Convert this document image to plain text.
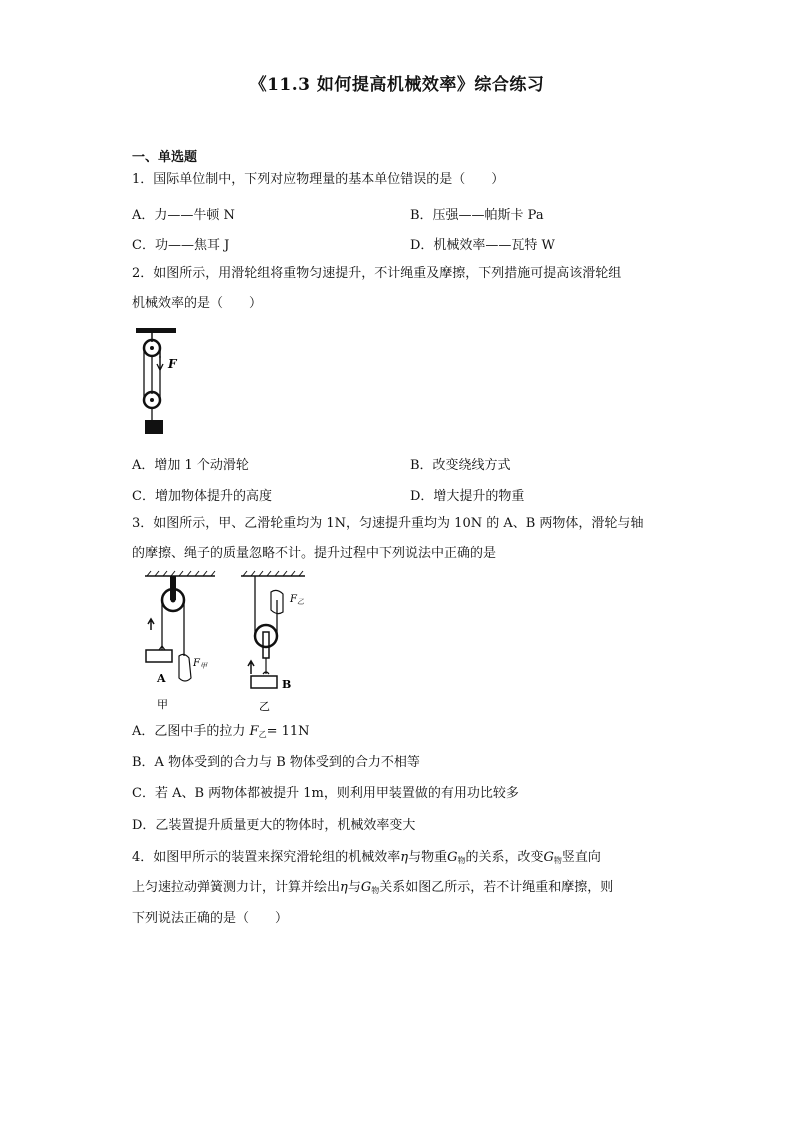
《11.3 如何提高机械效率》综合练习
一、单选题
1．国际单位制中，下列对应物理量的基本单位错误的是（　　）
A．力——牛顿 N	B．压强——帕斯卡 Pa
C．功——焦耳 J	D．机械效率——瓦特 W
2．如图所示，用滑轮组将重物匀速提升，不计绳重及摩擦，下列措施可提高该滑轮组
机械效率的是（　　）
F
A．增加 1 个动滑轮	B．改变绕线方式
C．增加物体提升的高度	D．增大提升的物重
3．如图所示，甲、乙滑轮重均为 1N，匀速提升重均为 10N 的 A、B 两物体，滑轮与轴
的摩擦、绳子的质量忽略不计。提升过程中下列说法中正确的是
A
$F_甲$
甲
$F_乙$
B
乙
A．乙图中手的拉力 $F_乙= 11N$
B．A 物体受到的合力与 B 物体受到的合力不相等
C．若 A、B 两物体都被提升 1m，则利用甲装置做的有用功比较多
D．乙装置提升质量更大的物体时，机械效率变大
4．如图甲所示的装置来探究滑轮组的机械效率η与物重$G_物$的关系，改变$G_物$竖直向
上匀速拉动弹簧测力计，计算并绘出η与$G_物$关系如图乙所示，若不计绳重和摩擦，则
下列说法正确的是（　　）
